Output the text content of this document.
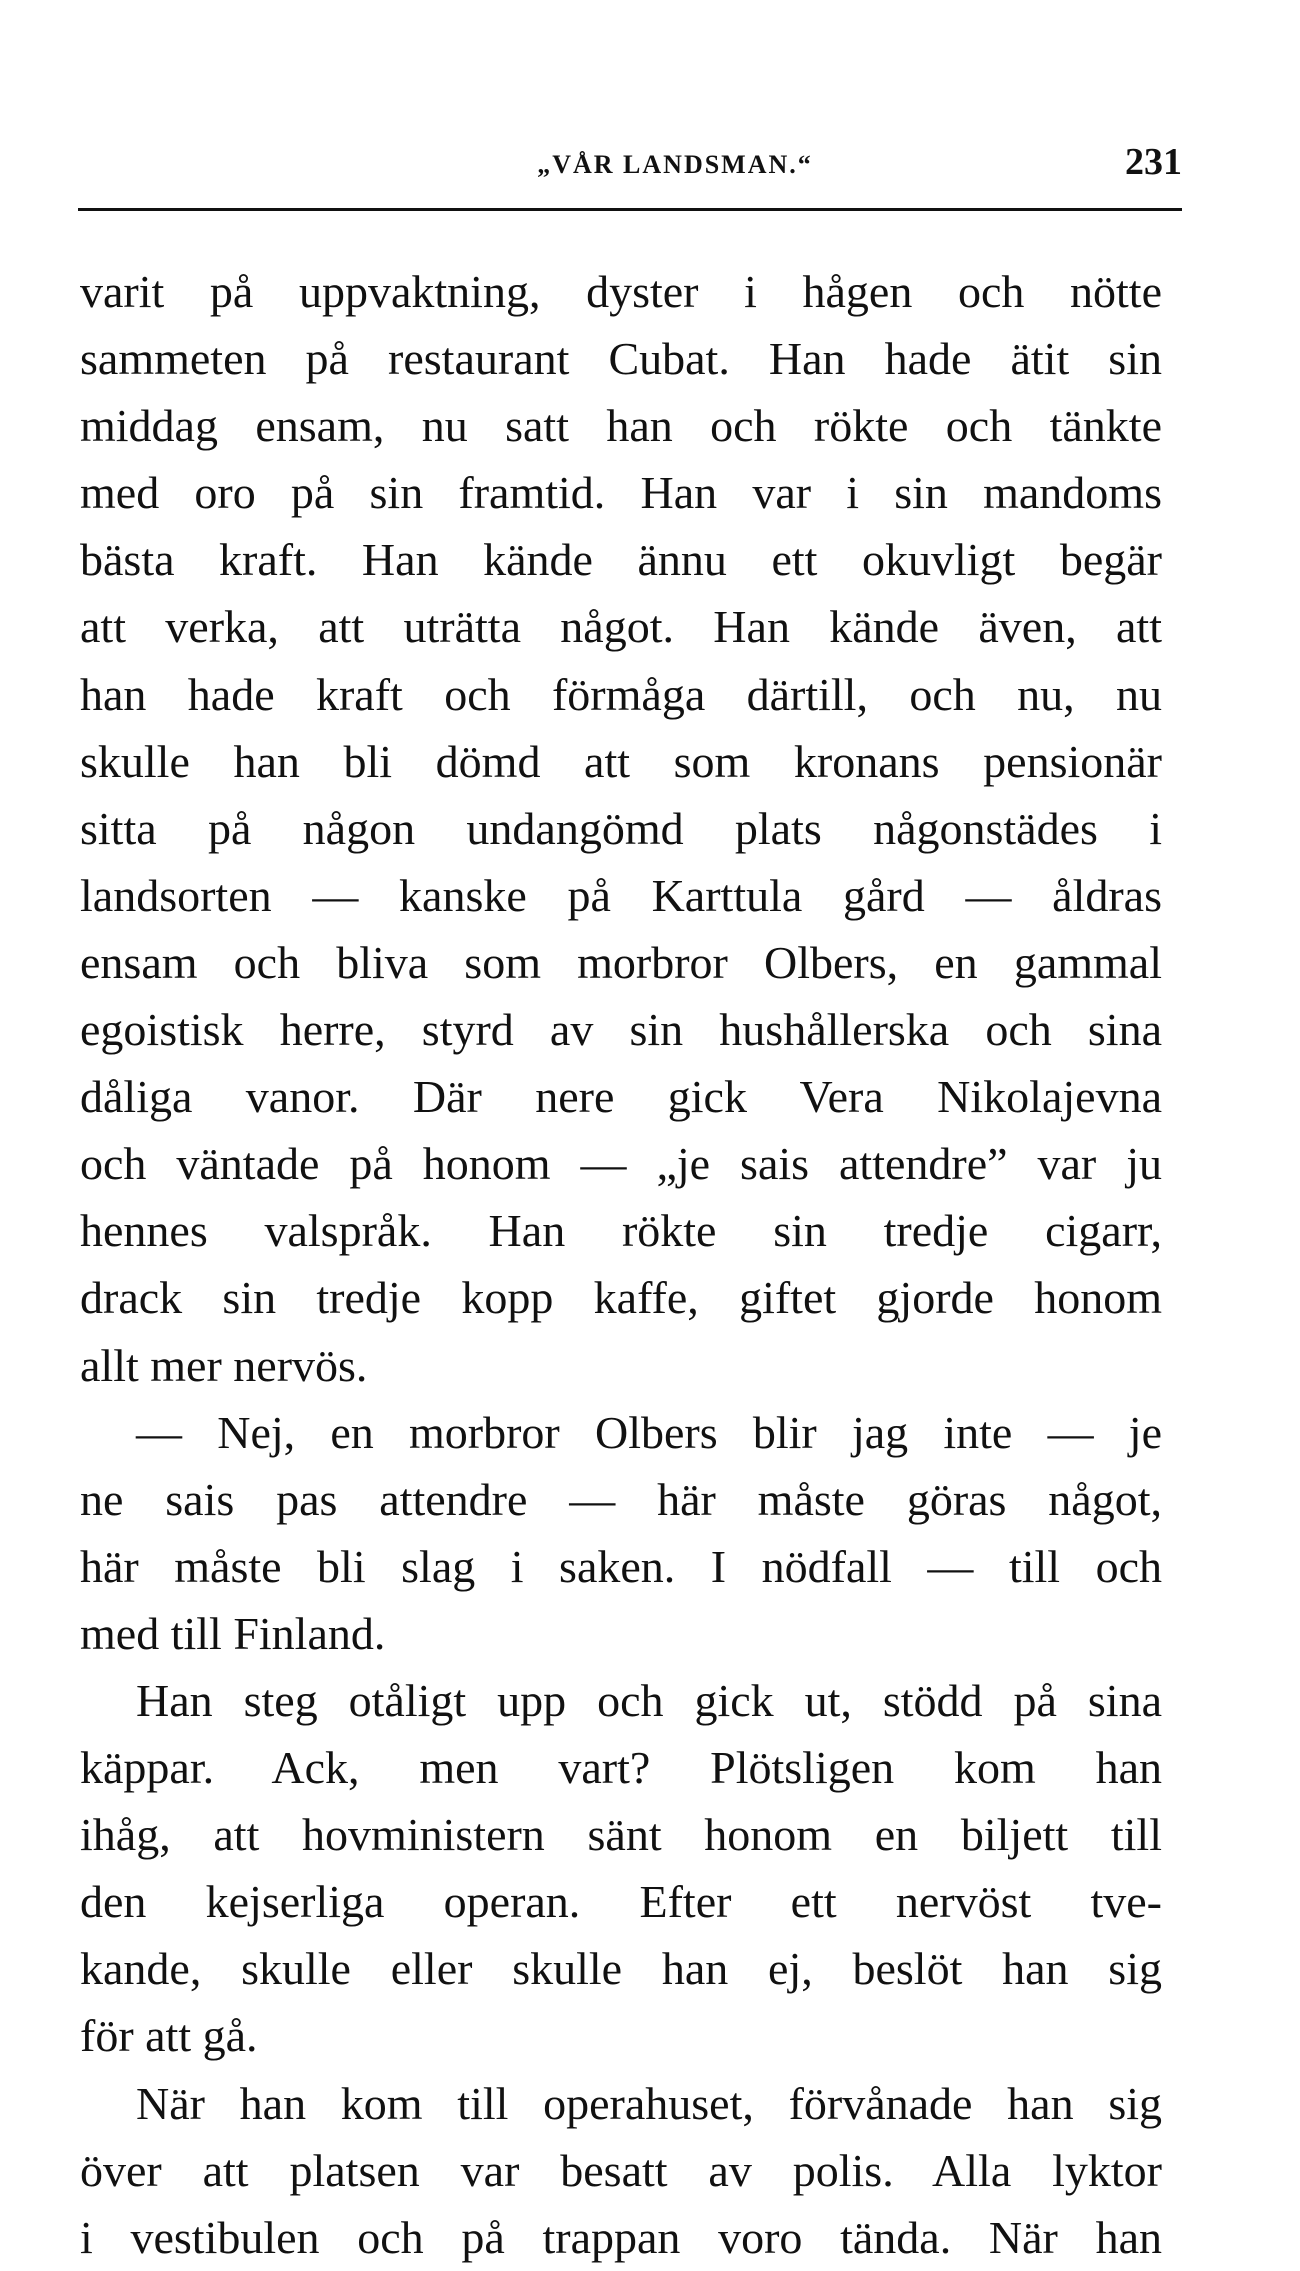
„VÅR LANDSMAN.“	231
varit på uppvaktning, dyster i hågen och nötte
sammeten på restaurant Cubat. Han hade ätit sin
middag ensam, nu satt han och rökte och tänkte
med oro på sin framtid. Han var i sin mandoms
bästa kraft. Han kände ännu ett okuvligt begär
att verka, att uträtta något. Han kände även, att
han hade kraft och förmåga därtill, och nu, nu
skulle han bli dömd att som kronans pensionär
sitta på någon undangömd plats någonstädes i
landsorten — kanske på Karttula gård — åldras
ensam och bliva som morbror Olbers, en gammal
egoistisk herre, styrd av sin hushållerska och sina
dåliga vanor. Där nere gick Vera Nikolajevna
och väntade på honom — „je sais attendre” var ju
hennes valspråk. Han rökte sin tredje cigarr,
drack sin tredje kopp kaffe, giftet gjorde honom
allt mer nervös.
— Nej, en morbror Olbers blir jag inte — je
ne sais pas attendre — här måste göras något,
här måste bli slag i saken. I nödfall — till och
med till Finland.
Han steg otåligt upp och gick ut, stödd på sina
käppar. Ack, men vart? Plötsligen kom han
ihåg, att hovministern sänt honom en biljett till
den kejserliga operan. Efter ett nervöst tve-
kande, skulle eller skulle han ej, beslöt han sig
för att gå.
När han kom till operahuset, förvånade han sig
över att platsen var besatt av polis. Alla lyktor
i vestibulen och på trappan voro tända. När han
